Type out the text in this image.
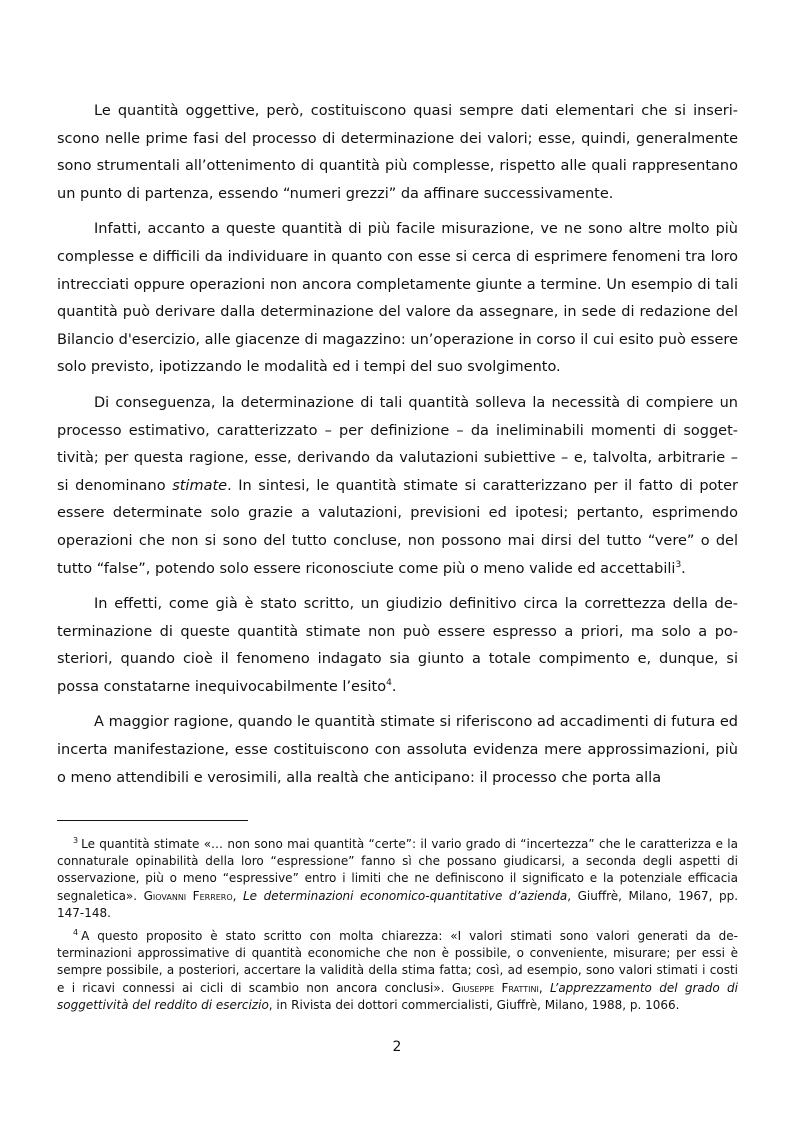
Le quantità oggettive, però, costituiscono quasi sempre dati elementari che si inseriscono nelle prime fasi del processo di determinazione dei valori; esse, quindi, generalmente sono strumentali all’ottenimento di quantità più complesse, rispetto alle quali rappresentano un punto di partenza, essendo “numeri grezzi” da affinare successivamente.

Infatti, accanto a queste quantità di più facile misurazione, ve ne sono altre molto più complesse e difficili da individuare in quanto con esse si cerca di esprimere fenomeni tra loro intrecciati oppure operazioni non ancora completamente giunte a termine. Un esempio di tali quantità può derivare dalla determinazione del valore da assegnare, in sede di redazione del Bilancio d'esercizio, alle giacenze di magazzino: un’operazione in corso il cui esito può essere solo previsto, ipotizzando le modalità ed i tempi del suo svolgimento.

Di conseguenza, la determinazione di tali quantità solleva la necessità di compiere un processo estimativo, caratterizzato – per definizione – da ineliminabili momenti di soggettività; per questa ragione, esse, derivando da valutazioni subiettive – e, talvolta, arbitrarie – si denominano stimate. In sintesi, le quantità stimate si caratterizzano per il fatto di poter essere determinate solo grazie a valutazioni, previsioni ed ipotesi; pertanto, esprimendo operazioni che non si sono del tutto concluse, non possono mai dirsi del tutto “vere” o del tutto “false”, potendo solo essere riconosciute come più o meno valide ed accettabili$^3$.

In effetti, come già è stato scritto, un giudizio definitivo circa la correttezza della determinazione di queste quantità stimate non può essere espresso a priori, ma solo a posteriori, quando cioè il fenomeno indagato sia giunto a totale compimento e, dunque, si possa constatarne inequivocabilmente l’esito$^4$.

A maggior ragione, quando le quantità stimate si riferiscono ad accadimenti di futura ed incerta manifestazione, esse costituiscono con assoluta evidenza mere approssimazioni, più o meno attendibili e verosimili, alla realtà che anticipano: il processo che porta alla

$^3$ Le quantità stimate «… non sono mai quantità “certe”: il vario grado di “incertezza” che le caratterizza e la connaturale opinabilità della loro “espressione” fanno sì che possano giudicarsi, a seconda degli aspetti di osservazione, più o meno “espressive” entro i limiti che ne definiscono il significato e la potenziale efficacia segnaletica». Giovanni Ferrero, Le determinazioni economico-quantitative d’azienda, Giuffrè, Milano, 1967, pp. 147-148.

$^4$ A questo proposito è stato scritto con molta chiarezza: «I valori stimati sono valori generati da determinazioni approssimative di quantità economiche che non è possibile, o conveniente, misurare; per essi è sempre possibile, a posteriori, accertare la validità della stima fatta; così, ad esempio, sono valori stimati i costi e i ricavi connessi ai cicli di scambio non ancora conclusi». Giuseppe Frattini, L’apprezzamento del grado di soggettività del reddito di esercizio, in Rivista dei dottori commercialisti, Giuffrè, Milano, 1988, p. 1066.

2
